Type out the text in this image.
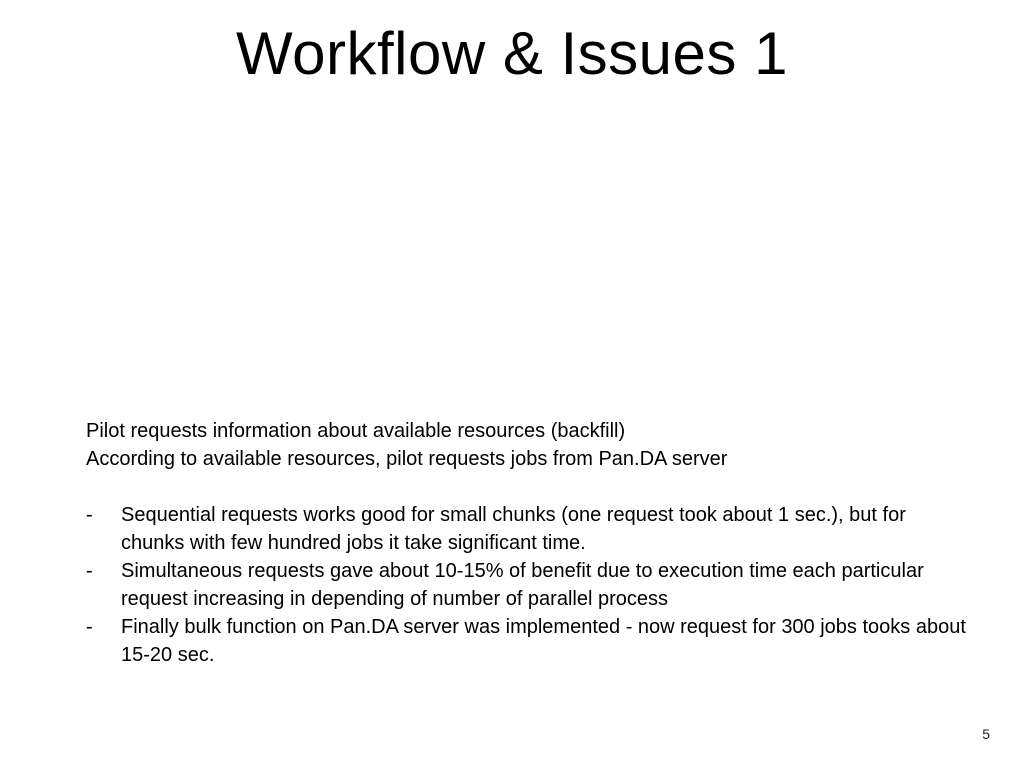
Workflow & Issues 1
Pilot requests information about available resources (backfill)
According to available resources, pilot requests jobs from Pan.DA server
- Sequential requests works good for small chunks (one request took about 1 sec.), but for chunks with few hundred jobs it take significant time.
- Simultaneous requests gave about 10-15% of benefit due to execution time each particular request increasing in depending of number of parallel process
- Finally bulk function on Pan.DA server was implemented - now request for 300 jobs tooks about 15-20 sec.
5
